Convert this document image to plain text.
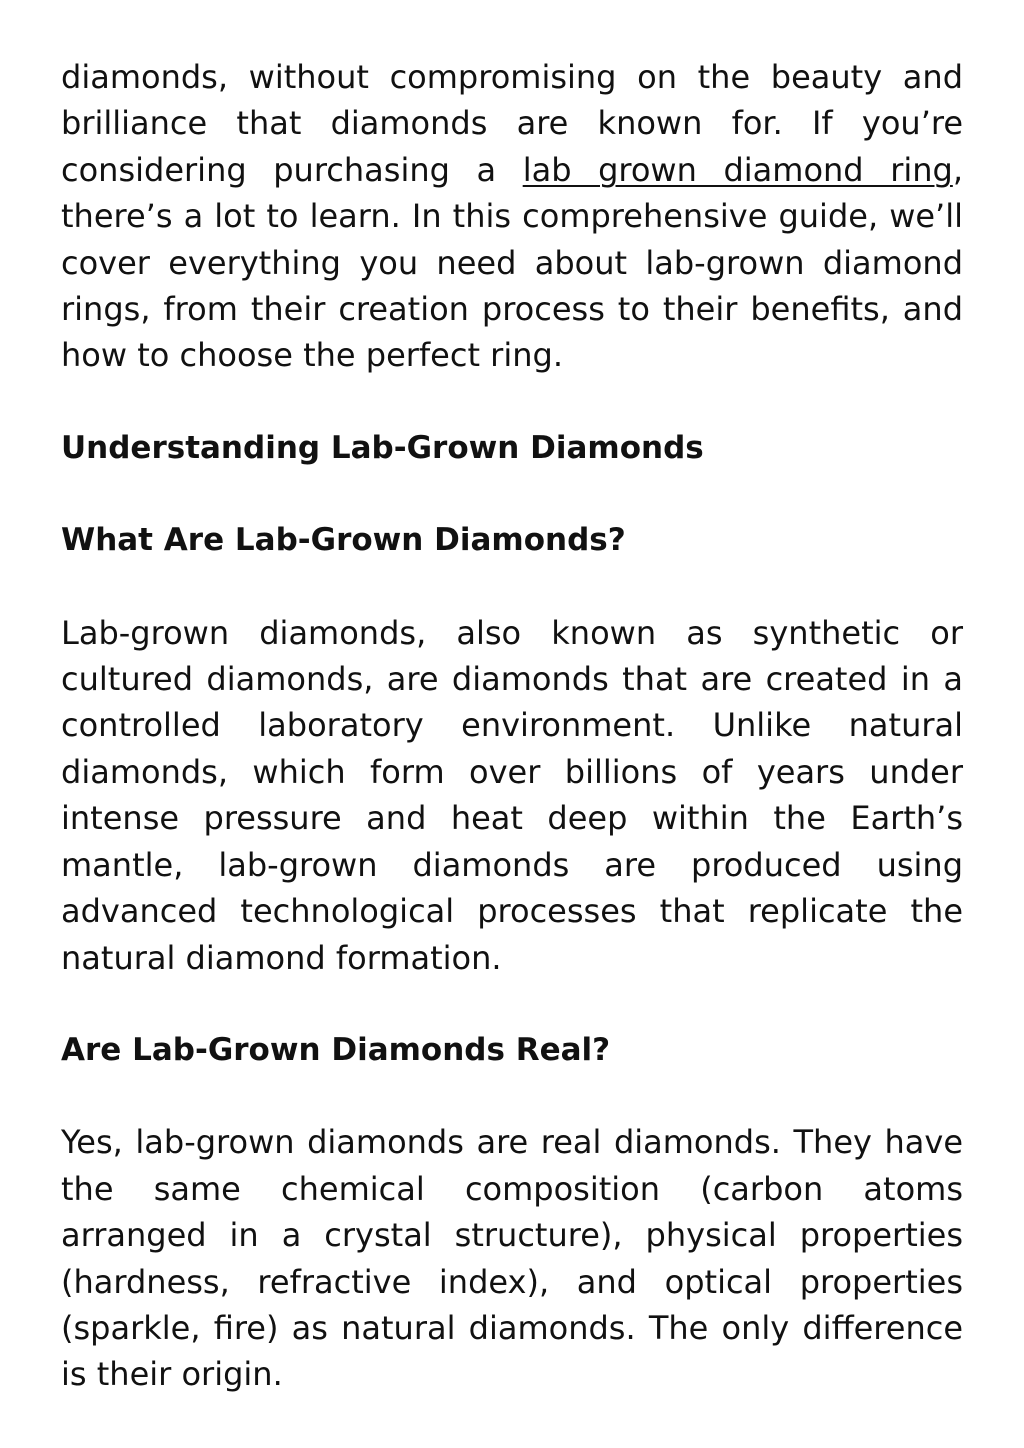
diamonds, without compromising on the beauty and brilliance that diamonds are known for. If you’re considering purchasing a lab grown diamond ring, there’s a lot to learn. In this comprehensive guide, we’ll cover everything you need about lab-grown diamond rings, from their creation process to their benefits, and how to choose the perfect ring.

Understanding Lab-Grown Diamonds
What Are Lab-Grown Diamonds?

Lab-grown diamonds, also known as synthetic or cultured diamonds, are diamonds that are created in a controlled laboratory environment. Unlike natural diamonds, which form over billions of years under intense pressure and heat deep within the Earth’s mantle, lab-grown diamonds are produced using advanced technological processes that replicate the natural diamond formation.

Are Lab-Grown Diamonds Real?

Yes, lab-grown diamonds are real diamonds. They have the same chemical composition (carbon atoms arranged in a crystal structure), physical properties (hardness, refractive index), and optical properties (sparkle, fire) as natural diamonds. The only difference is their origin.
